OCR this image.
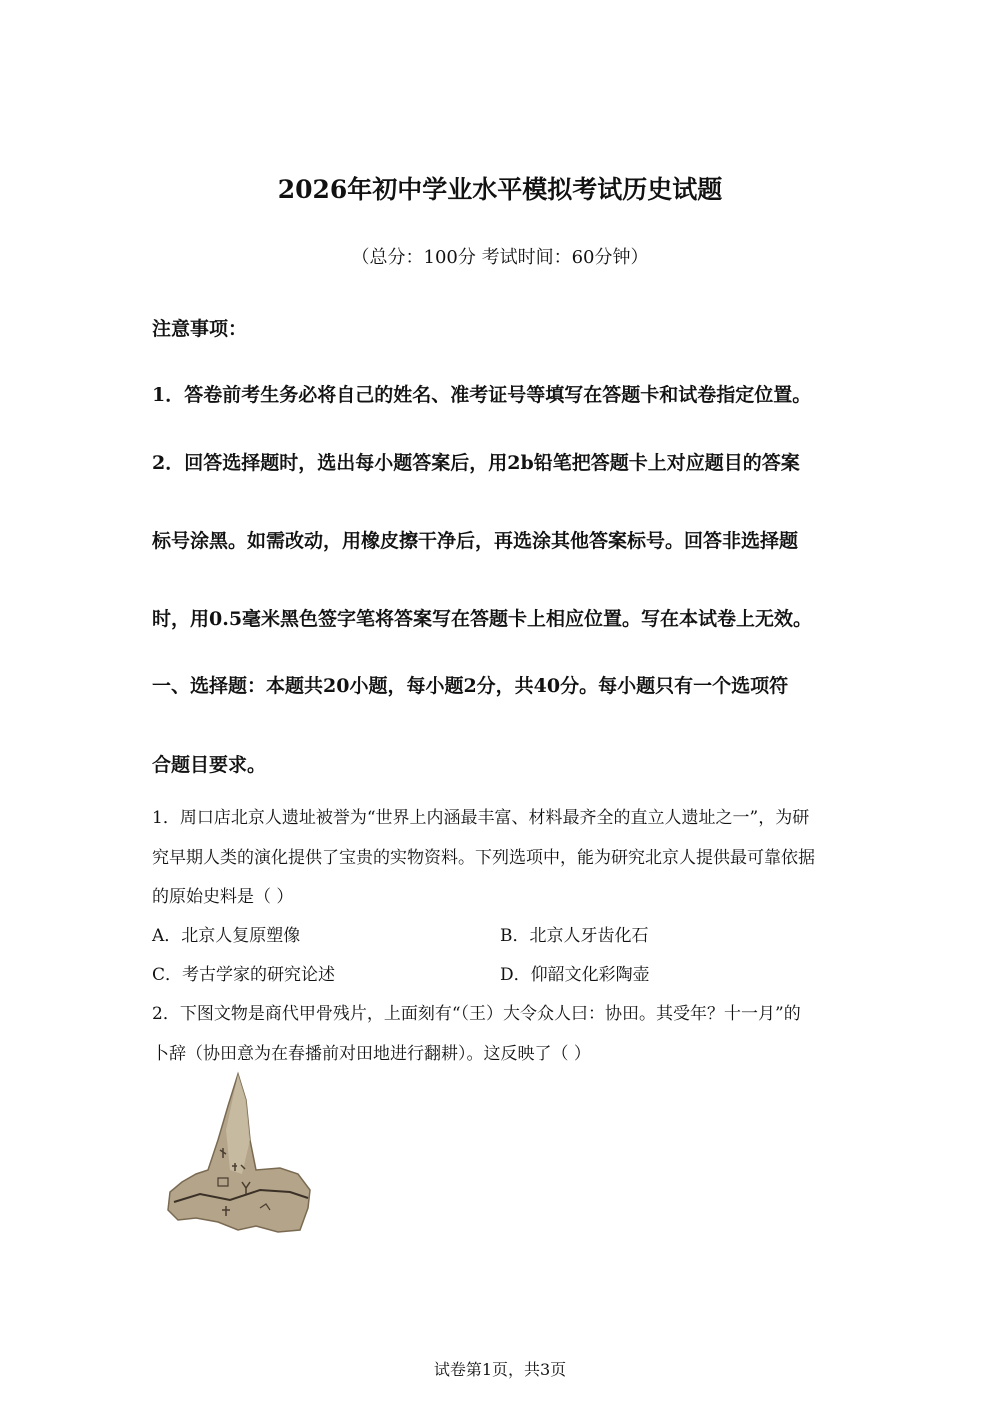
2026年初中学业水平模拟考试历史试题
（总分：100分 考试时间：60分钟）
注意事项：
1．答卷前考生务必将自己的姓名、准考证号等填写在答题卡和试卷指定位置。
2．回答选择题时，选出每小题答案后，用2b铅笔把答题卡上对应题目的答案
标号涂黑。如需改动，用橡皮擦干净后，再选涂其他答案标号。回答非选择题
时，用0.5毫米黑色签字笔将答案写在答题卡上相应位置。写在本试卷上无效。
一、选择题：本题共20小题，每小题2分，共40分。每小题只有一个选项符
合题目要求。
1．周口店北京人遗址被誉为“世界上内涵最丰富、材料最齐全的直立人遗址之一”，为研
究早期人类的演化提供了宝贵的实物资料。下列选项中，能为研究北京人提供最可靠依据
的原始史料是（ ）
A．北京人复原塑像	B．北京人牙齿化石
C．考古学家的研究论述	D．仰韶文化彩陶壶
2．下图文物是商代甲骨残片，上面刻有“（王）大令众人曰：协田。其受年？十一月”的
卜辞（协田意为在春播前对田地进行翻耕）。这反映了（ ）
试卷第1页，共3页
